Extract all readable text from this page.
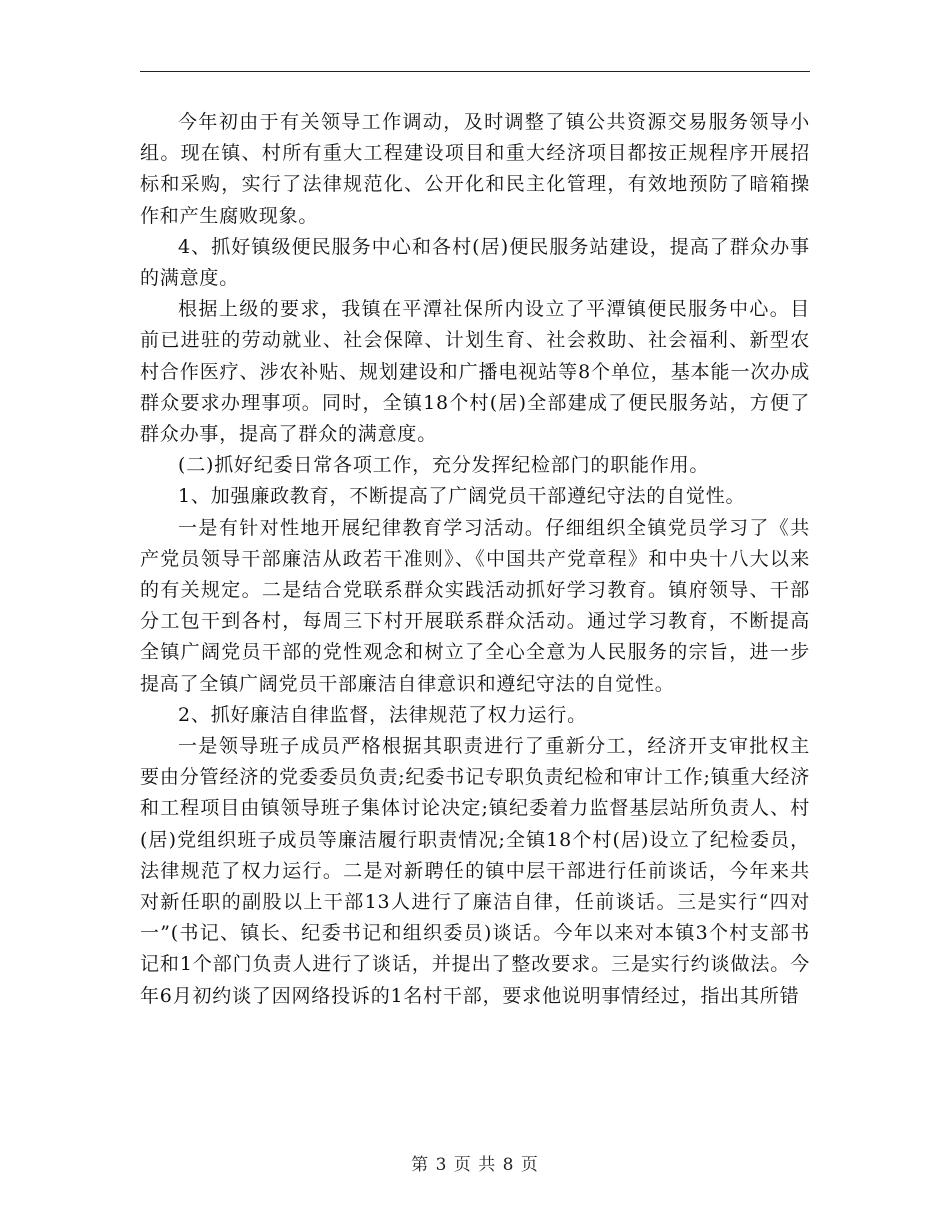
今年初由于有关领导工作调动，及时调整了镇公共资源交易服务领导小组。现在镇、村所有重大工程建设项目和重大经济项目都按正规程序开展招标和采购，实行了法律规范化、公开化和民主化管理，有效地预防了暗箱操作和产生腐败现象。

4、抓好镇级便民服务中心和各村(居)便民服务站建设，提高了群众办事的满意度。

根据上级的要求，我镇在平潭社保所内设立了平潭镇便民服务中心。目前已进驻的劳动就业、社会保障、计划生育、社会救助、社会福利、新型农村合作医疗、涉农补贴、规划建设和广播电视站等8个单位，基本能一次办成群众要求办理事项。同时，全镇18个村(居)全部建成了便民服务站，方便了群众办事，提高了群众的满意度。

(二)抓好纪委日常各项工作，充分发挥纪检部门的职能作用。

1、加强廉政教育，不断提高了广阔党员干部遵纪守法的自觉性。

一是有针对性地开展纪律教育学习活动。仔细组织全镇党员学习了《共产党员领导干部廉洁从政若干准则》、《中国共产党章程》和中央十八大以来的有关规定。二是结合党联系群众实践活动抓好学习教育。镇府领导、干部分工包干到各村，每周三下村开展联系群众活动。通过学习教育，不断提高全镇广阔党员干部的党性观念和树立了全心全意为人民服务的宗旨，进一步提高了全镇广阔党员干部廉洁自律意识和遵纪守法的自觉性。

2、抓好廉洁自律监督，法律规范了权力运行。

一是领导班子成员严格根据其职责进行了重新分工，经济开支审批权主要由分管经济的党委委员负责;纪委书记专职负责纪检和审计工作;镇重大经济和工程项目由镇领导班子集体讨论决定;镇纪委着力监督基层站所负责人、村(居)党组织班子成员等廉洁履行职责情况;全镇18个村(居)设立了纪检委员，法律规范了权力运行。二是对新聘任的镇中层干部进行任前谈话，今年来共对新任职的副股以上干部13人进行了廉洁自律，任前谈话。三是实行“四对一”(书记、镇长、纪委书记和组织委员)谈话。今年以来对本镇3个村支部书记和1个部门负责人进行了谈话，并提出了整改要求。三是实行约谈做法。今年6月初约谈了因网络投诉的1名村干部，要求他说明事情经过，指出其所错

第 3 页 共 8 页
